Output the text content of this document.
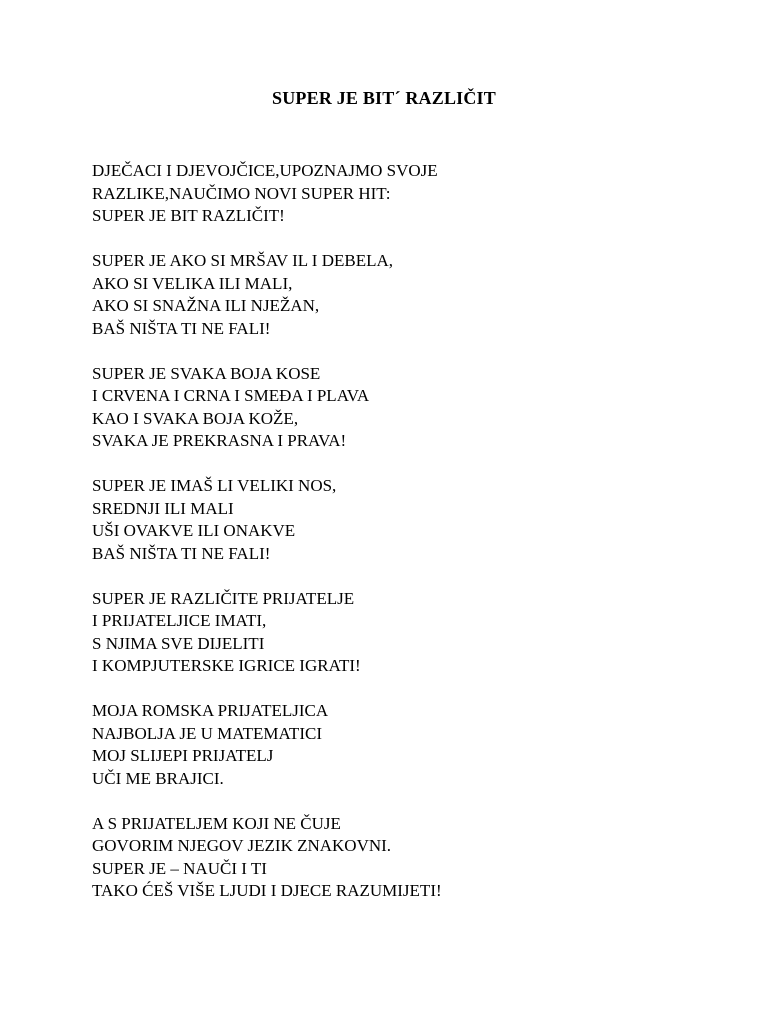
SUPER JE BIT´ RAZLIČIT
DJEČACI I DJEVOJČICE,UPOZNAJMO SVOJE
RAZLIKE,NAUČIMO NOVI SUPER HIT:
SUPER JE BIT RAZLIČIT!
SUPER JE AKO SI MRŠAV IL I DEBELA,
AKO SI VELIKA ILI MALI,
AKO SI SNAŽNA ILI NJEŽAN,
BAŠ NIŠTA TI NE FALI!
SUPER JE SVAKA BOJA KOSE
I CRVENA I CRNA I SMEĐA I PLAVA
KAO I SVAKA BOJA KOŽE,
SVAKA JE PREKRASNA I PRAVA!
SUPER JE IMAŠ LI VELIKI NOS,
SREDNJI ILI MALI
UŠI OVAKVE ILI ONAKVE
BAŠ NIŠTA TI NE FALI!
SUPER JE RAZLIČITE PRIJATELJE
I PRIJATELJICE IMATI,
S NJIMA SVE DIJELITI
I KOMPJUTERSKE IGRICE IGRATI!
MOJA ROMSKA PRIJATELJICA
NAJBOLJA JE U MATEMATICI
MOJ SLIJEPI PRIJATELJ
UČI ME BRAJICI.
A S PRIJATELJEM KOJI NE ČUJE
GOVORIM NJEGOV JEZIK ZNAKOVNI.
SUPER JE – NAUČI I TI
TAKO ĆEŠ VIŠE LJUDI I DJECE RAZUMIJETI!
